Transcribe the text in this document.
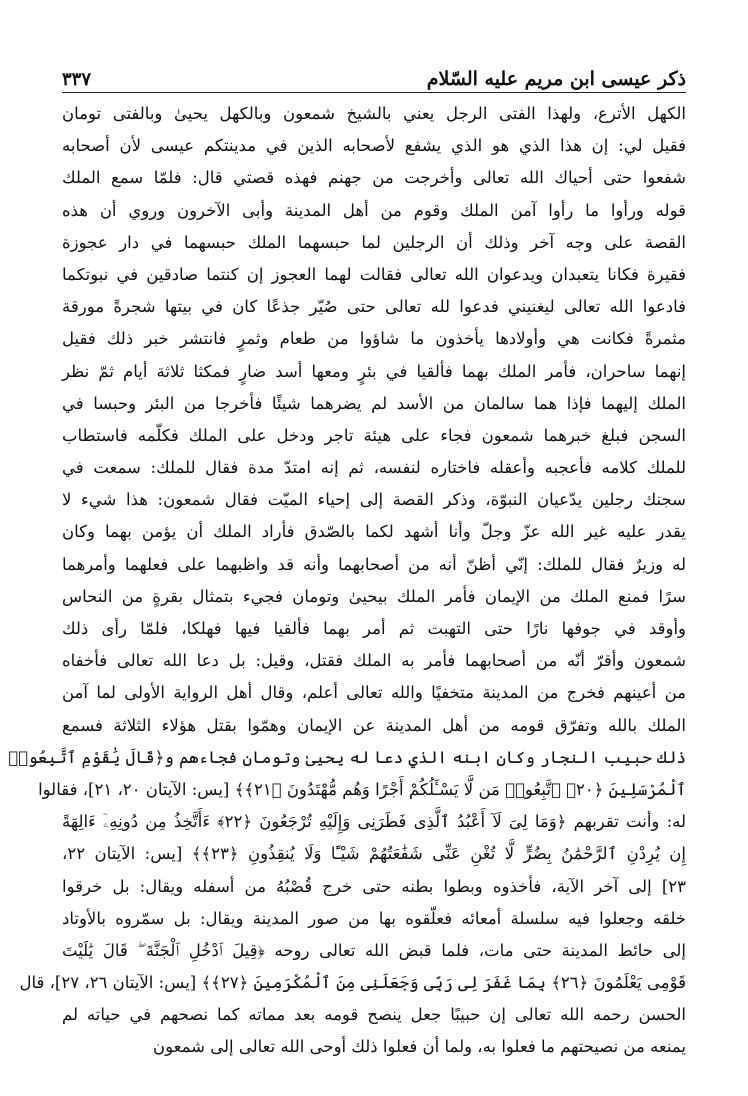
ذكر عيسى ابن مريم عليه السّلام
٣٣٧
الكهل الأترع، ولهذا الفتى الرجل يعني بالشيخ شمعون وبالكهل يحيىٰ وبالفتى تومان
فقيل لي: إن هذا الذي هو الذي يشفع لأصحابه الذين في مدينتكم عيسى لأن أصحابه
شفعوا حتى أحياك الله تعالى وأخرجت من جهنم فهذه قصتي قال: فلمّا سمع الملك
قوله ورأوا ما رأوا آمن الملك وقوم من أهل المدينة وأبى الآخرون وروي أن هذه
القصة على وجه آخر وذلك أن الرجلين لما حبسهما الملك حبسهما في دار عجوزة
فقيرة فكانا يتعبدان ويدعوان الله تعالى فقالت لهما العجوز إن كنتما صادقين في نبوتكما
فادعوا الله تعالى ليغنيني فدعوا لله تعالى حتى صُيّر جذعًا كان في بيتها شجرةً مورقة
مثمرةً فكانت هي وأولادها يأخذون ما شاؤوا من طعام وثمرٍ فانتشر خبر ذلك فقيل
إنهما ساحران، فأمر الملك بهما فألقيا في بئرٍ ومعها أسد ضارٍ فمكثا ثلاثة أيام ثمّ نظر
الملك إليهما فإذا هما سالمان من الأسد لم يضرهما شيئًا فأخرجا من البئر وحبسا في
السجن فبلغ خبرهما شمعون فجاء على هيئة تاجر ودخل على الملك فكلّمه فاستطاب
للملك كلامه فأعجبه وأعقله فاختاره لنفسه، ثم إنه امتدّ مدة فقال للملك: سمعت في
سجنك رجلين يدّعيان النبوّة، وذكر القصة إلى إحياء الميّت فقال شمعون: هذا شيء لا
يقدر عليه غير الله عزّ وجلّ وأنا أشهد لكما بالصّدق فأراد الملك أن يؤمن بهما وكان
له وزيرٌ فقال للملك: إنّي أظنّ أنه من أصحابهما وأنه قد واظبهما على فعلهما وأمرهما
سرًا فمنع الملك من الإيمان فأمر الملك بيحيىٰ وتومان فجيء بتمثال بقرةٍ من النحاس
وأوقد في جوفها نارًا حتى التهبت ثم أمر بهما فألقيا فيها فهلكا، فلمّا رأى ذلك
شمعون وأقرّ أنّه من أصحابهما فأمر به الملك فقتل، وقيل: بل دعا الله تعالى فأخفاه
من أعينهم فخرج من المدينة متخفيًا والله تعالى أعلم، وقال أهل الرواية الأولى لما آمن
الملك بالله وتفرّق قومه من أهل المدينة عن الإيمان وهمّوا بقتل هؤلاء الثلاثة فسمع
ذلك حبيب النجار وكان ابنه الذي دعا له يحيىٰ وتومان فجاءهم و﴿قَالَ يَٰقَوْمِ ٱتَّبِعُوا۟
ٱلْمُرْسَلِينَ ﴿٢٠﴾ ٱتَّبِعُوا۟ مَن لَّا يَسْـَٔلُكُمْ أَجْرًا وَهُم مُّهْتَدُونَ ﴿٢١﴾﴾ [يس: الآيتان ٢٠، ٢١]، فقالوا
له: وأنت تقربهم ﴿وَمَا لِىَ لَآ أَعْبُدُ ٱلَّذِى فَطَرَنِى وَإِلَيْهِ تُرْجَعُونَ ﴿٢٢﴾ ءَأَتَّخِذُ مِن دُونِهِۦٓ ءَالِهَةً
إِن يُرِدْنِ ٱلرَّحْمَٰنُ بِضُرٍّ لَّا تُغْنِ عَنِّى شَفَٰعَتُهُمْ شَيْـًٔا وَلَا يُنقِذُونِ ﴿٢٣﴾﴾ [يس: الآيتان ٢٢،
٢٣] إلى آخر الآية، فأخذوه وبطوا بطنه حتى خرج قُصْبُهُ من أسفله ويقال: بل خرقوا
خلقه وجعلوا فيه سلسلة أمعائه فعلّقوه بها من صور المدينة ويقال: بل سمّروه بالأوتاد
إلى حائط المدينة حتى مات، فلما قبض الله تعالى روحه ﴿قِيلَ ٱدْخُلِ ٱلْجَنَّةَ ۖ قَالَ يَٰلَيْتَ
قَوْمِى يَعْلَمُونَ ﴿٢٦﴾ بِمَا غَفَرَ لِى رَبِّى وَجَعَلَنِى مِنَ ٱلْمُكْرَمِينَ ﴿٢٧﴾﴾ [يس: الآيتان ٢٦، ٢٧]، قال
الحسن رحمه الله تعالى إن حبيبًا جعل ينصح قومه بعد مماته كما نصحهم في حياته لم
يمنعه من نصيحتهم ما فعلوا به، ولما أن فعلوا ذلك أوحى الله تعالى إلى شمعون
